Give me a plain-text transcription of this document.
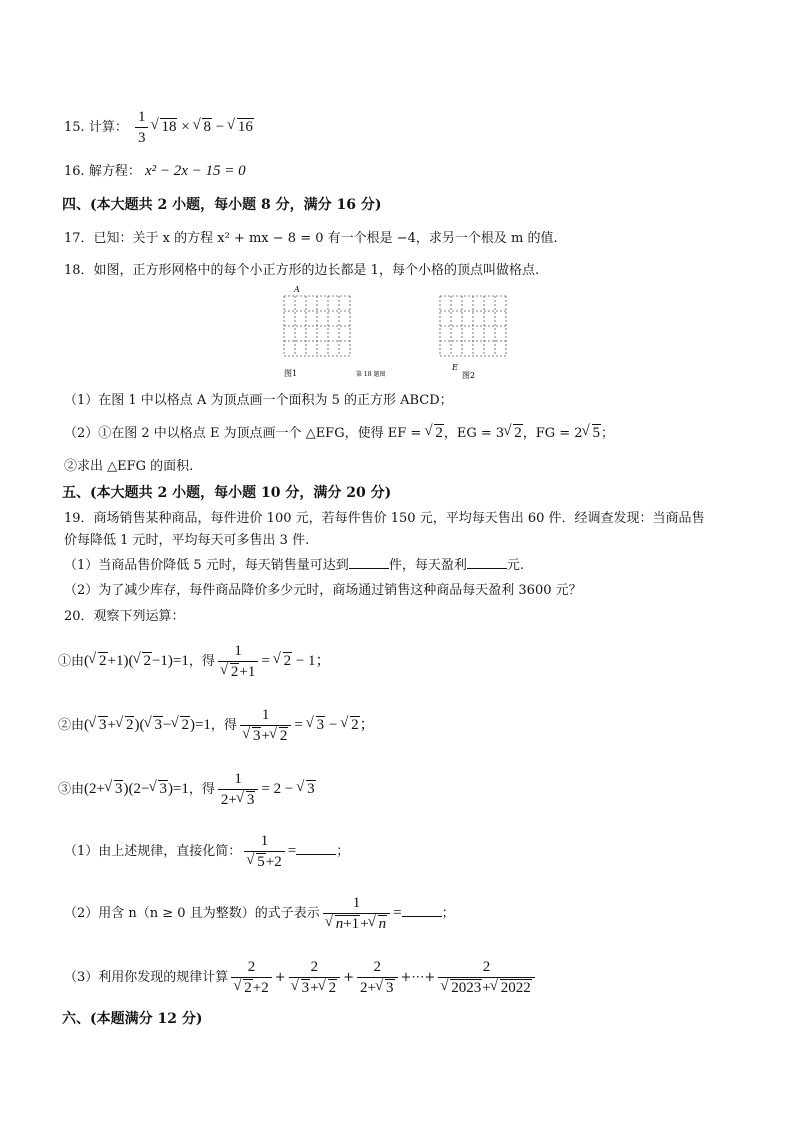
15. 计算： $\frac{1}{3}$ √ 18 × √ 8 − √ 16
16. 解方程： x² − 2x − 15 = 0
四、(本大题共 2 小题，每小题 8 分，满分 16 分)
17．已知：关于 x 的方程 x² + mx − 8 = 0 有一个根是 −4，求另一个根及 m 的值.
18．如图，正方形网格中的每个小正方形的边长都是 1，每个小格的顶点叫做格点.
A
E
图1	第 18 题图	图2
（1）在图 1 中以格点 A 为顶点画一个面积为 5 的正方形 ABCD；
（2）①在图 2 中以格点 E 为顶点画一个 △EFG，使得 EF = √ 2，EG = 3 √ 2，FG = 2 √ 5；
②求出 △EFG 的面积.
五、(本大题共 2 小题，每小题 10 分，满分 20 分)
19．商场销售某种商品，每件进价 100 元，若每件售价 150 元，平均每天售出 60 件．经调查发现：当商品售
价每降低 1 元时，平均每天可多售出 3 件.
（1）当商品售价降低 5 元时，每天销售量可达到	件，每天盈利	元.
（2）为了减少库存，每件商品降价多少元时，商场通过销售这种商品每天盈利 3600 元？
20．观察下列运算：
①由( √ 2+1)( √ 2−1)=1，得 1
√ 2+1 = √ 2 − 1；
②由( √ 3+ √ 2)( √ 3− √ 2)=1，得 1
√ 3+ √ 2 = √ 3 − √ 2；
③由(2+ √ 3)(2− √ 3)=1，得 $\frac{1}{2+ √ 3} = 2$ − √ 3
（1）由上述规律，直接化简： 1
√ 5+2 =	；
（2）用含 n（n ≥ 0 且为整数）的式子表示 1
√ n+1+ √ n =	；
（3）利用你发现的规律计算 2
√ 2+2 + 2
√ 3+ √ $2 + \frac{2}{2+ √ 3}$ +⋯+ 2
√ 2023+ √ 2022
六、(本题满分 12 分)
